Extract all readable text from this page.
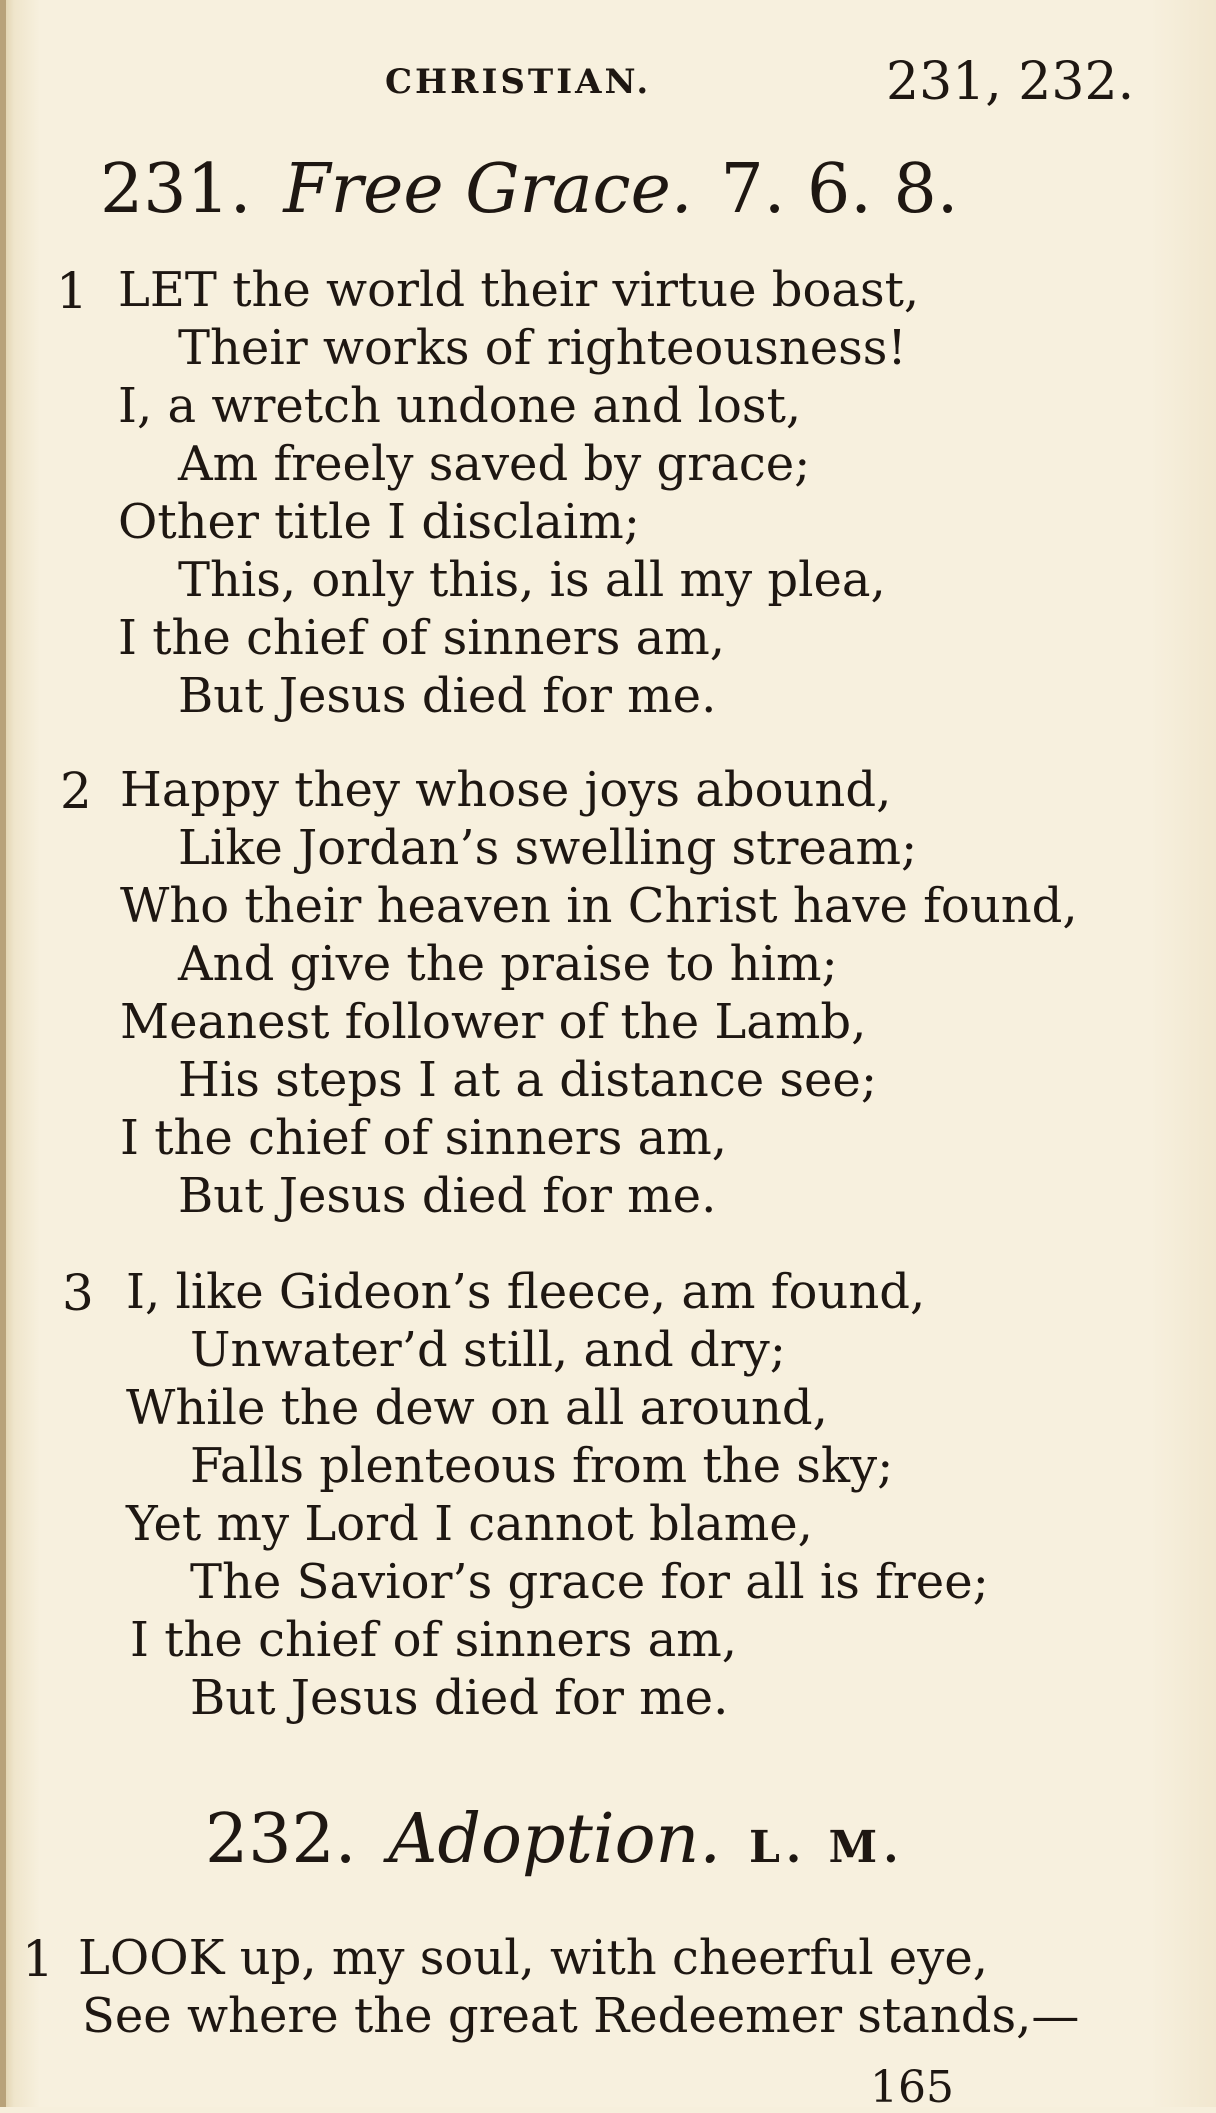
CHRISTIAN.	231, 232.
231. Free Grace. 7. 6. 8.
1 LET the world their virtue boast,
Their works of righteousness!
I, a wretch undone and lost,
Am freely saved by grace;
Other title I disclaim;
This, only this, is all my plea,
I the chief of sinners am,
But Jesus died for me.
2 Happy they whose joys abound,
Like Jordan’s swelling stream;
Who their heaven in Christ have found,
And give the praise to him;
Meanest follower of the Lamb,
His steps I at a distance see;
I the chief of sinners am,
But Jesus died for me.
3 I, like Gideon’s fleece, am found,
Unwater’d still, and dry;
While the dew on all around,
Falls plenteous from the sky;
Yet my Lord I cannot blame,
The Savior’s grace for all is free;
I the chief of sinners am,
But Jesus died for me.
232. Adoption. L. M.
1 LOOK up, my soul, with cheerful eye,
See where the great Redeemer stands,—
165
